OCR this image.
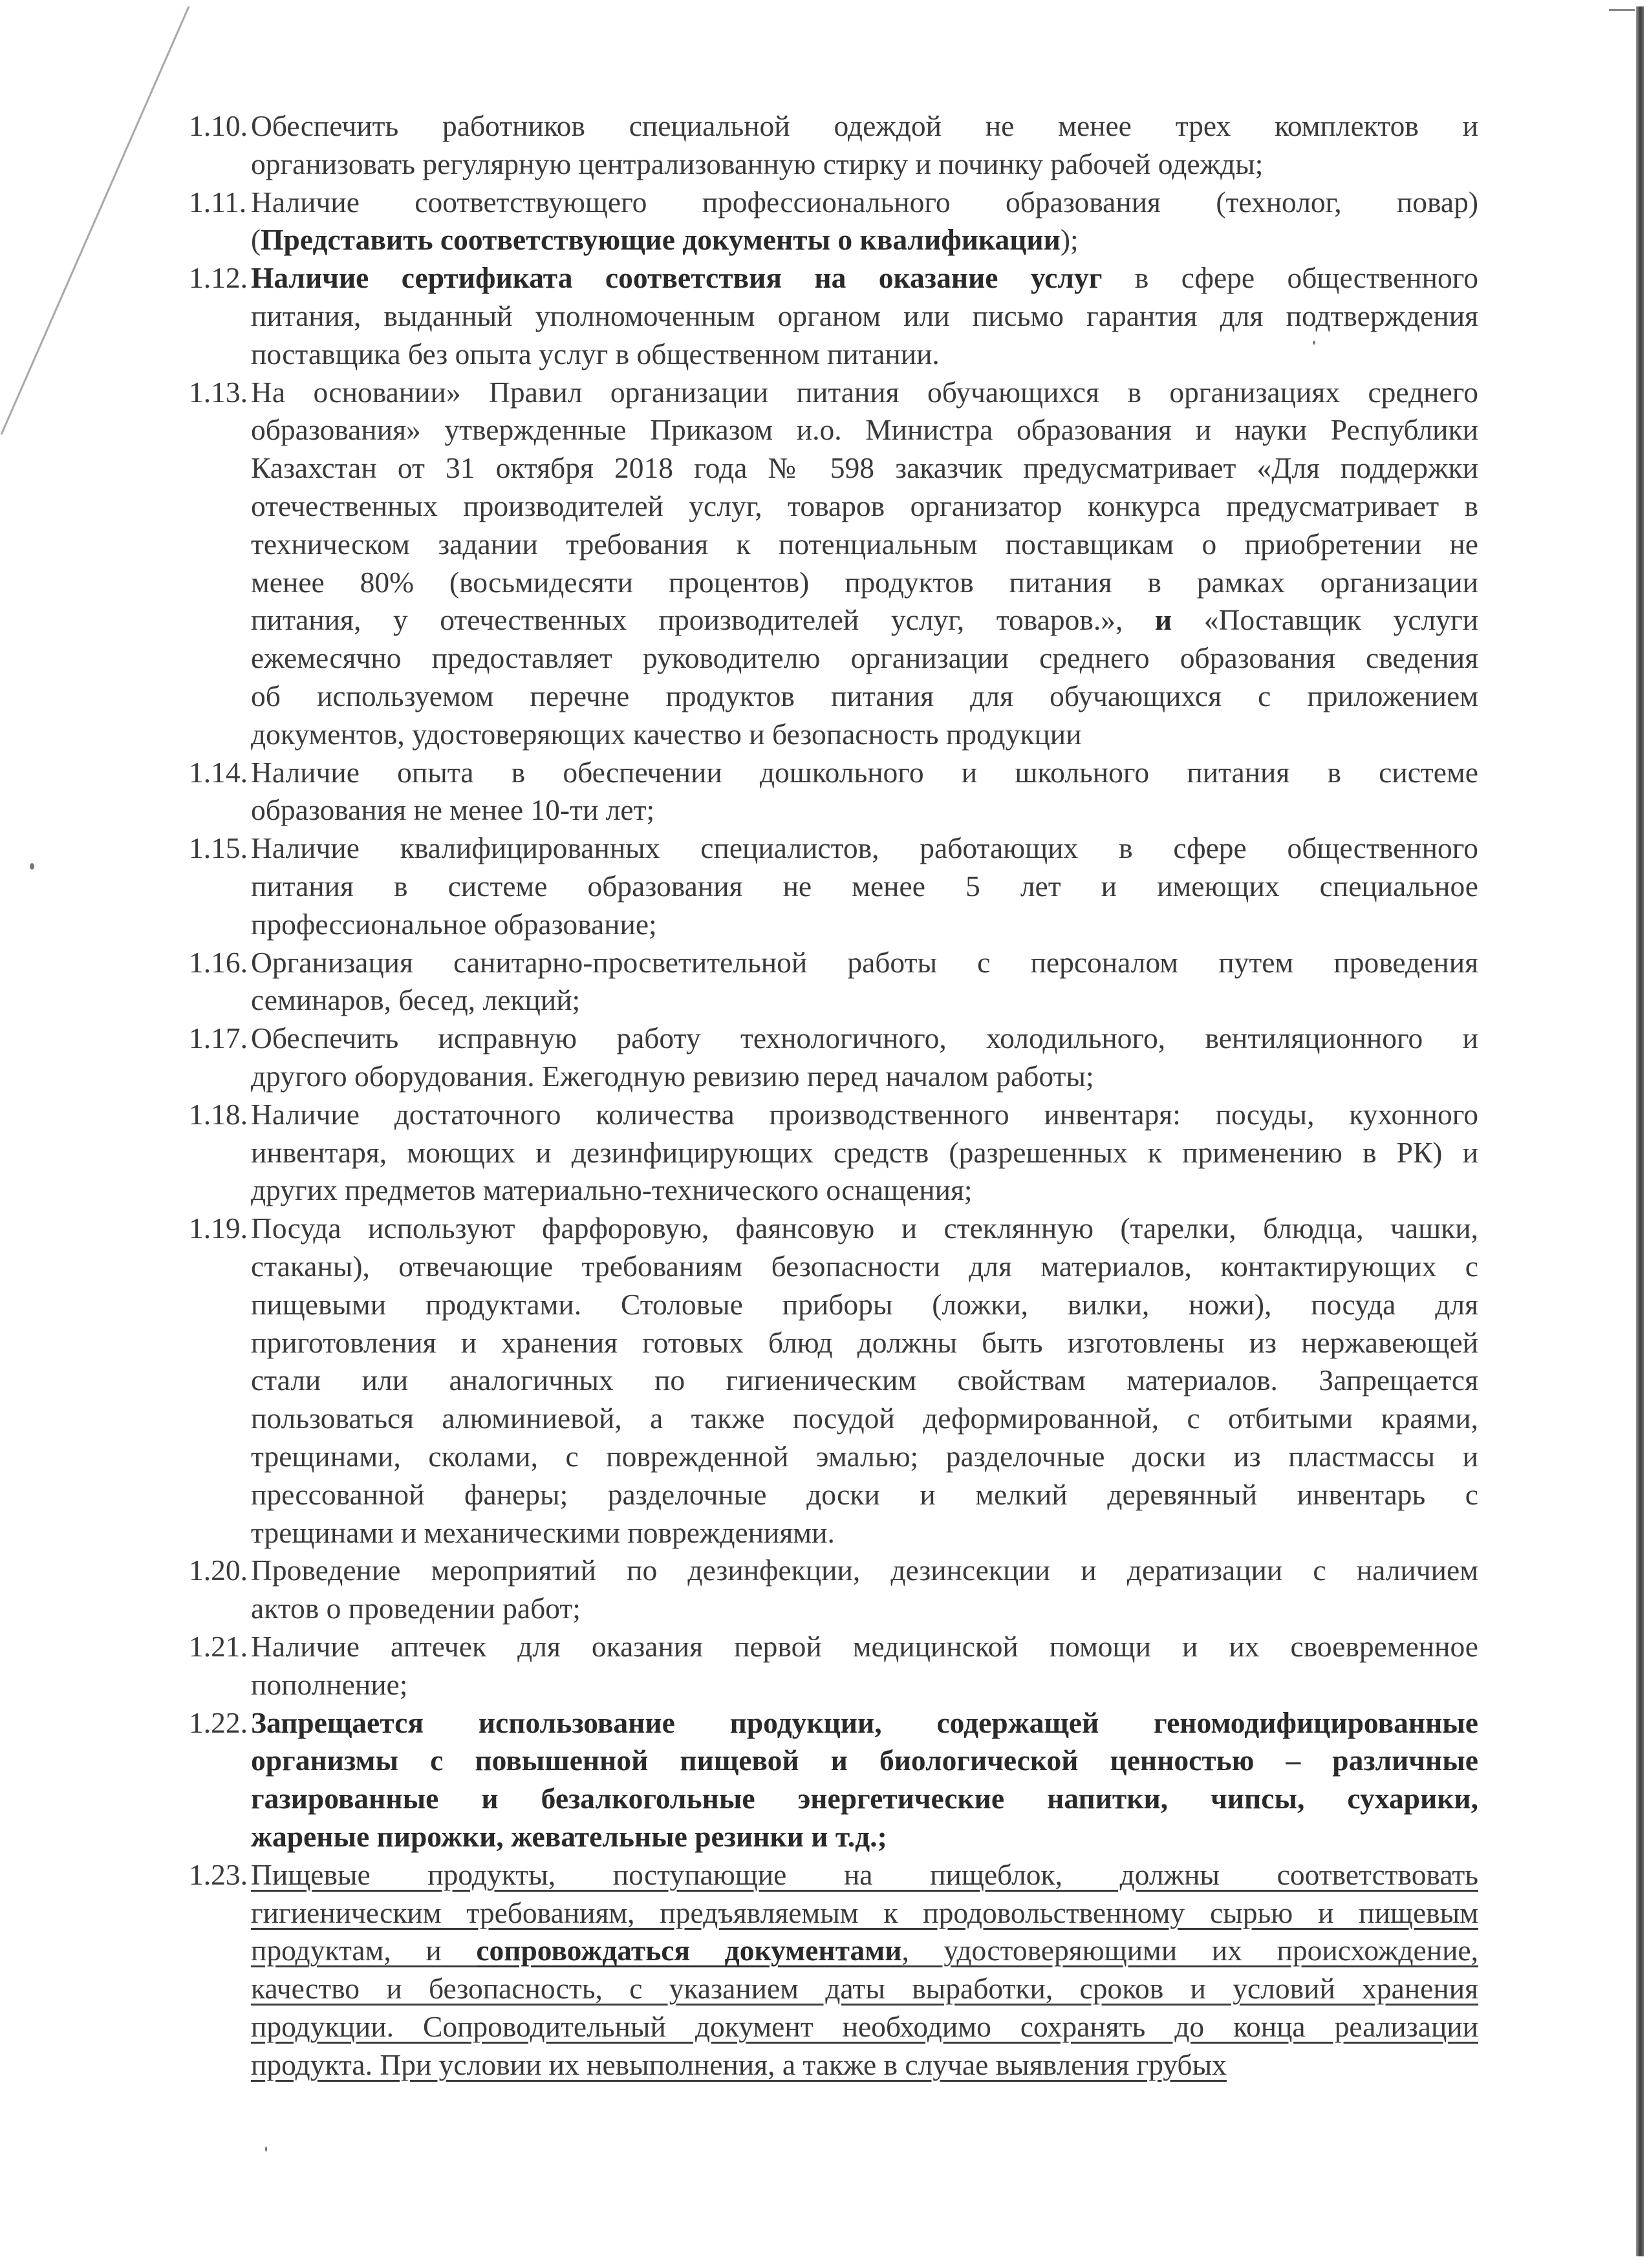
1.10. Обеспечить работников специальной одеждой не менее трех комплектов и
организовать регулярную централизованную стирку и починку рабочей одежды;
1.11. Наличие соответствующего профессионального образования (технолог, повар)
(Представить соответствующие документы о квалификации);
1.12. Наличие сертификата соответствия на оказание услуг в сфере общественного
питания, выданный уполномоченным органом или письмо гарантия для подтверждения
поставщика без опыта услуг в общественном питании.
1.13. На основании» Правил организации питания обучающихся в организациях среднего
образования» утвержденные Приказом и.о. Министра образования и науки Республики
Казахстан от 31 октября 2018 года № 598 заказчик предусматривает «Для поддержки
отечественных производителей услуг, товаров организатор конкурса предусматривает в
техническом задании требования к потенциальным поставщикам о приобретении не
менее 80% (восьмидесяти процентов) продуктов питания в рамках организации
питания, у отечественных производителей услуг, товаров.», и «Поставщик услуги
ежемесячно предоставляет руководителю организации среднего образования сведения
об используемом перечне продуктов питания для обучающихся с приложением
документов, удостоверяющих качество и безопасность продукции
1.14. Наличие опыта в обеспечении дошкольного и школьного питания в системе
образования не менее 10-ти лет;
1.15. Наличие квалифицированных специалистов, работающих в сфере общественного
питания в системе образования не менее 5 лет и имеющих специальное
профессиональное образование;
1.16. Организация санитарно-просветительной работы с персоналом путем проведения
семинаров, бесед, лекций;
1.17. Обеспечить исправную работу технологичного, холодильного, вентиляционного и
другого оборудования. Ежегодную ревизию перед началом работы;
1.18. Наличие достаточного количества производственного инвентаря: посуды, кухонного
инвентаря, моющих и дезинфицирующих средств (разрешенных к применению в РК) и
других предметов материально-технического оснащения;
1.19. Посуда используют фарфоровую, фаянсовую и стеклянную (тарелки, блюдца, чашки,
стаканы), отвечающие требованиям безопасности для материалов, контактирующих с
пищевыми продуктами. Столовые приборы (ложки, вилки, ножи), посуда для
приготовления и хранения готовых блюд должны быть изготовлены из нержавеющей
стали или аналогичных по гигиеническим свойствам материалов. Запрещается
пользоваться алюминиевой, а также посудой деформированной, с отбитыми краями,
трещинами, сколами, с поврежденной эмалью; разделочные доски из пластмассы и
прессованной фанеры; разделочные доски и мелкий деревянный инвентарь с
трещинами и механическими повреждениями.
1.20. Проведение мероприятий по дезинфекции, дезинсекции и дератизации с наличием
актов о проведении работ;
1.21. Наличие аптечек для оказания первой медицинской помощи и их своевременное
пополнение;
1.22. Запрещается использование продукции, содержащей геномодифицированные
организмы с повышенной пищевой и биологической ценностью – различные
газированные и безалкогольные энергетические напитки, чипсы, сухарики,
жареные пирожки, жевательные резинки и т.д.;
1.23. Пищевые продукты, поступающие на пищеблок, должны соответствовать
гигиеническим требованиям, предъявляемым к продовольственному сырью и пищевым
продуктам, и сопровождаться документами, удостоверяющими их происхождение,
качество и безопасность, с указанием даты выработки, сроков и условий хранения
продукции. Сопроводительный документ необходимо сохранять до конца реализации
продукта. При условии их невыполнения, а также в случае выявления грубых
